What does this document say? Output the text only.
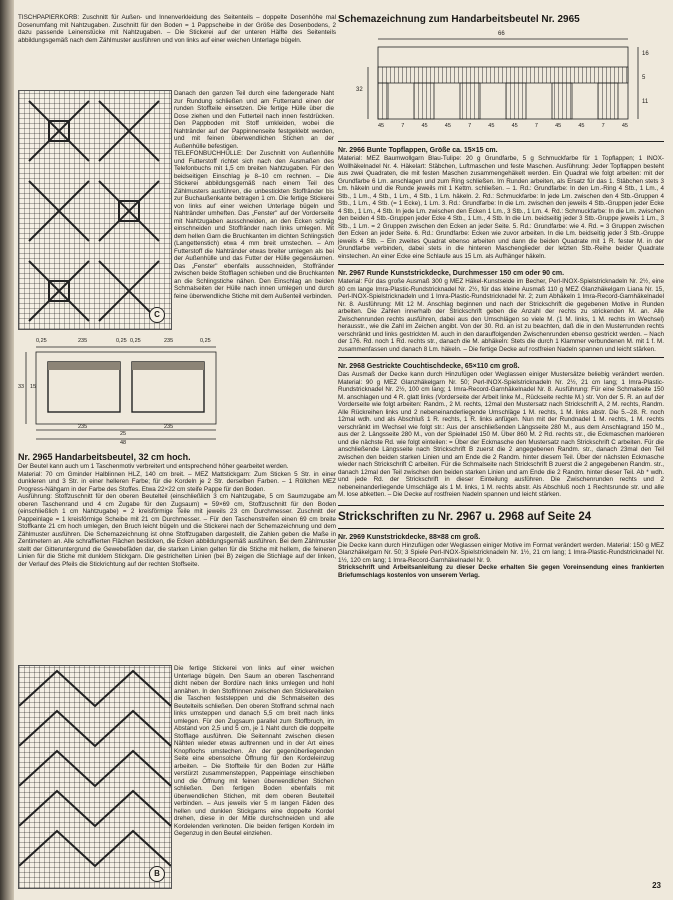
TISCHPAPIERKORB: Zuschnitt für Außen- und Innenverkleidung des Seitenteils – doppelte Dosenhöhe mal Dosenumfang mit Nahtzugaben. Zuschnitt für den Boden = 1 Pappscheibe in der Größe des Dosenbodens, 2 dazu passende Leinenstücke mit Nahtzugaben. – Die Stickerei auf der unteren Hälfte des Seitenteils abbildungsgemäß nach dem Zählmuster ausführen und von links auf einer weichen Unterlage bügeln.

C

Danach den ganzen Teil durch eine fadengerade Naht zur Rundung schließen und am Futterrand einen der runden Stoffteile einsetzen. Die fertige Hülle über die Dose ziehen und den Futterteil nach innen festdrücken. Den Pappboden mit Stoff umkleiden, wobei die Nahtränder auf der Pappinnenseite festgeklebt werden, und mit feinen überwendlichen Stichen an der Außenhülle befestigen.

TELEFONBUCHHÜLLE: Der Zuschnitt von Außenhülle und Futterstoff richtet sich nach den Ausmaßen des Telefonbuchs mit 1,5 cm breiten Nahtzugaben. Für den beidseitigen Einschlag je 8–10 cm rechnen. – Die Stickerei abbildungsgemäß nach einem Teil des Zählmusters ausführen, die unbestickten Stoffränder bis zur Buchaußenkante betragen 1 cm. Die fertige Stickerei von links auf einer weichen Unterlage bügeln und Nahtränder umheften. Das „Fenster" auf der Vorderseite mit Nahtzugaben ausschneiden, an den Ecken schräg einschneiden und Stoffränder nach links umlegen. Mit dem hellen Garn die Bruchkanten im dichten Schlingstich (Langettenstich) etwa 4 mm breit umstechen. – Am Futterstoff die Nahtränder etwas breiter umlegen als bei der Außenhülle und das Futter der Hülle gegensäumen. Das „Fenster" ebenfalls ausschneiden, Stoffränder zwischen beide Stofflagen schieben und die Bruchkanten an die Schlingstiche nähen. Den Einschlag an beiden Schmalseiten der Hülle nach innen umlegen und durch feine überwendliche Stiche mit dem Außenteil verbinden.

0,25	235	0,25 0,25	235	0,25
33 15
235	235
25
48

Nr. 2965 Handarbeitsbeutel, 32 cm hoch.

Der Beutel kann auch um 1 Taschenmotiv verbreitert und entsprechend höher gearbeitet werden.

Material: 70 cm Gminder Halblinnen HLZ, 140 cm breit. – MEZ Mattstickgarn: Zum Sticken 5 Str. in einer dunkleren und 3 Str. in einer helleren Farbe; für die Kordeln je 2 Str. derselben Farben. – 1 Röllchen MEZ Progress-Nähgarn in der Farbe des Stoffes. Etwa 22×22 cm steife Pappe für den Boden.

Ausführung: Stoffzuschnitt für den oberen Beutelteil (einschließlich 3 cm Nahtzugabe, 5 cm Saumzugabe am oberen Taschenrand und 4 cm Zugabe für den Zugsaum) = 59×69 cm, Stoffzuschnitt für den Boden (einschließlich 1 cm Nahtzugabe) = 2 kreisförmige Teile mit jeweils 23 cm Durchmesser. Zuschnitt der Pappeinlage = 1 kreisförmige Scheibe mit 21 cm Durchmesser. – Für den Taschenstreifen einen 69 cm breite Stoffkante 21 cm hoch umlegen, den Bruch leicht bügeln und die Stickerei nach der Schemazeichnung und dem Zählmuster ausführen. Die Schemazeichnung ist ohne Stoffzugaben dargestellt, die Zahlen geben die Maße in Zentimetern an. Alle schraffierten Flächen besticken, die Ecken abbildungsgemäß ausführen. Bei dem Zählmuster stellt der Gitteruntergrund die Gewebefäden dar, die starken Linien gelten für die Stiche mit hellem, die feineren Linien für die Stiche mit dunklem Stickgarn. Die gestrichelten Linien (bei B) zeigen die Stichlage auf der linken, der Verlauf des Pfeils die Stickrichtung auf der rechten Stoffseite.

B

Die fertige Stickerei von links auf einer weichen Unterlage bügeln. Den Saum an oberen Taschenrand dicht neben der Bordüre nach links umlegen und hohl annähen. In den Stoffrinnen zwischen den Stickereiteilen die Taschen feststeppen und die Schmalseiten des Beutelteils schließen. Den oberen Stoffrand schmal nach links umsteppen und danach 5,5 cm breit nach links umlegen. Für den Zugsaum parallel zum Stoffbruch, im Abstand von 2,5 und 5 cm, je 1 Naht durch die doppelte Stofflage ausführen. Die Seitennaht zwischen diesen Nähten wieder etwas auftrennen und in der Art eines Knopflochs umstechen. An der gegenüberliegenden Seite eine ebensolche Öffnung für den Kordeleinzug arbeiten. – Die Stoffteile für den Boden zur Hälfte verstürzt zusammensteppen, Pappeinlage einschieben und die Öffnung mit feinen überwendlichen Stichen schließen. Den fertigen Boden ebenfalls mit überwendlichen Stichen, mit dem oberen Beutelteil verbinden. – Aus jeweils vier 5 m langen Fäden des hellen und dunklen Stickgarns eine doppelte Kordel drehen, diese in der Mitte durchschneiden und alle Kordelenden verknoten. Die beiden fertigen Kordeln im Gegenzug in den Beutel einziehen.

Schemazeichnung zum Handarbeitsbeutel Nr. 2965

66
16
5
11
32
45	7	45	45	7	45	45	7	45	45	7	45

Nr. 2966 Bunte Topflappen, Größe ca. 15×15 cm.

Material: MEZ Baumwollgarn Blau-Tulipe: 20 g Grundfarbe, 5 g Schmuckfarbe für 1 Topflappen; 1 INOX-Wollhäkelnadel Nr. 4. Häkelart: Stäbchen, Luftmaschen und feste Maschen. Ausführung: Jeder Topflappen besteht aus zwei Quadraten, die mit festen Maschen zusammengehäkelt werden. Ein Quadrat wie folgt arbeiten: mit der Grundfarbe 6 Lm. anschlagen und zum Ring schließen. Im Runden arbeiten, als Ersatz für das 1. Stäbchen stets 3 Lm. häkeln und die Runde jeweils mit 1 Kettm. schließen. – 1. Rd.: Grundfarbe: In den Lm.-Ring 4 Stb., 1 Lm., 4 Stb., 1 Lm., 4 Stb., 1 Lm., 4 Stb., 1 Lm. häkeln. 2. Rd.: Schmuckfarbe: In jede Lm. zwischen den 4 Stb.-Gruppen 4 Stb., 1 Lm., 4 Stb. (= 1 Ecke), 1 Lm. 3. Rd.: Grundfarbe: In die Lm. zwischen den jeweils 4 Stb.-Gruppen jeder Ecke 4 Stb., 1 Lm., 4 Stb. In jede Lm. zwischen den Ecken 1 Lm., 3 Stb., 1 Lm. 4. Rd.: Schmuckfarbe: In die Lm. zwischen den beiden 4 Stb.-Gruppen jeder Ecke 4 Stb., 1 Lm., 4 Stb. In die Lm. beidseitig jeder 3 Stb.-Gruppe jeweils 1 Lm., 3 Stb., 1 Lm. = 2 Gruppen zwischen den Ecken an jeder Seite. 5. Rd.: Grundfarbe: wie 4. Rd. = 3 Gruppen zwischen den Ecken an jeder Seite. 6. Rd.: Grundfarbe: Ecken wie zuvor arbeiten. In die Lm. beidseitig jeder 3 Stb.-Gruppe jeweils 4 Stb. – Ein zweites Quadrat ebenso arbeiten und dann die beiden Quadrate mit 1 R. fester M. in der Grundfarbe verbinden, dabei stets in die hinteren Maschenglieder der letzten Stb.-Reihe beider Quadrate einstechen. An einer Ecke eine Schlaufe aus 15 Lm. als Aufhänger häkeln.

Nr. 2967 Runde Kunststrickdecke, Durchmesser 150 cm oder 90 cm.

Material: Für das große Ausmaß 300 g MEZ Häkel-Kunstseide im Becher, Perl-INOX-Spielstricknadeln Nr. 2½, eine 80 cm lange Imra-Plastic-Rundstricknadel Nr. 2½, für das kleine Ausmaß 110 g MEZ Glanzhäkelgarn Liana Nr. 15, Perl-INOX-Spielstricknadeln und 1 Imra-Plastic-Rundstricknadel Nr. 2; zum Abhäkeln 1 Imra-Record-Garnhäkelnadel Nr. 8. Ausführung: Mit 12 M. Anschlag beginnen und nach der Strickschrift die gegebenen Motive in Runden arbeiten. Die Zahlen innerhalb der Strickschrift geben die Anzahl der rechts zu strickenden M. an. Alle Zwischenrunden rechts ausführen, dabei aus den Umschlägen so viele M. (1 M. links, 1 M. rechts im Wechsel) herausstr., wie die Zahl im Zeichen angibt. Von der 30. Rd. an ist zu beachten, daß die in den Musterrunden rechts verschränkt und links gestrickten M. auch in den darauffolgenden Zwischenrunden ebenso gestrickt werden. – Nach der 176. Rd. noch 1 Rd. rechts str., danach die M. abhäkeln: Stets die durch 1 Klammer verbundenen M. mit 1 f. M. zusammenfassen und danach 8 Lm. häkeln. – Die fertige Decke auf rostfreien Nadeln spannen und leicht stärken.

Nr. 2968 Gestrickte Couchtischdecke, 65×110 cm groß.

Das Ausmaß der Decke kann durch Hinzufügen oder Weglassen einiger Mustersätze beliebig verändert werden. Material: 90 g MEZ Glanzhäkelgarn Nr. 50; Perl-INOX-Spielstricknadeln Nr. 2½, 21 cm lang; 1 Imra-Plastic-Rundstricknadel Nr. 2½, 100 cm lang; 1 Imra-Record-Garnhäkelnadel Nr. 8. Ausführung: Für eine Schmalseite 150 M. anschlagen und 4 R. glatt links (Vorderseite der Arbeit linke M., Rückseite rechte M.) str. Von der 5. R. an auf der Vorderseite wie folgt arbeiten: Randm., 2 M. rechts, 12mal den Mustersatz nach Strickschrift A, 2 M. rechts, Randm. Alle Rückreihen links und 2 nebeneinanderliegende Umschläge 1 M. rechts, 1 M. links abstr. Die 5.–28. R. noch 12mal wdh. und als Abschluß 1 R. rechts, 1 R. links anfügen. Nun mit der Rundnadel 1 M. rechts, 1 M. rechts verschränkt im Wechsel wie folgt str.: Aus der anschließenden Längsseite 280 M., aus dem Anschlagrand 150 M., aus der 2. Längsseite 280 M., von der Spielnadel 150 M. Über 860 M. 2 Rd. rechts str., die Eckmaschen markieren und die nächste Rd. wie folgt einteilen: = Über der Eckmasche den Mustersatz nach Strickschrift C arbeiten. Für die anschließende Längsseite nach Strickschrift B zuerst die 2 angegebenen Randm. str., danach 23mal den Teil zwischen den beiden starken Linien und am Ende die 2 Randm. hinter diesem Teil. Über der nächsten Eckmasche wieder nach Strickschrift C arbeiten. Für die Schmalseite nach Strickschrift B zuerst die 2 angegebenen Randm. str., danach 12mal den Teil zwischen den beiden starken Linien und am Ende die 2 Randm. hinter dieser Teil. Ab * wdh. und jede Rd. der Strickschrift in dieser Einteilung ausführen. Die Zwischenrunden rechts und 2 nebeneinanderliegende Umschläge als 1 M. links, 1 M. rechts abstr. Als Abschluß noch 1 Rechtsrunde str. und alle M. lose abketten. – Die Decke auf rostfreien Nadeln spannen und leicht stärken.

Strickschriften zu Nr. 2967 u. 2968 auf Seite 24

Nr. 2969 Kunststrickdecke, 88×88 cm groß.

Die Decke kann durch Hinzufügen oder Weglassen einiger Motive im Format verändert werden. Material: 150 g MEZ Glanzhäkelgarn Nr. 50; 3 Spiele Perl-INOX-Spielstricknadeln Nr. 1½, 21 cm lang; 1 Imra-Plastic-Rundstricknadel Nr. 1½, 120 cm lang; 1 Imra-Record-Garnhäkelnadel Nr. 9.

Strickschrift und Arbeitsanleitung zu dieser Decke erhalten Sie gegen Voreinsendung eines frankierten Briefumschlags kostenlos von unserem Verlag.

23
